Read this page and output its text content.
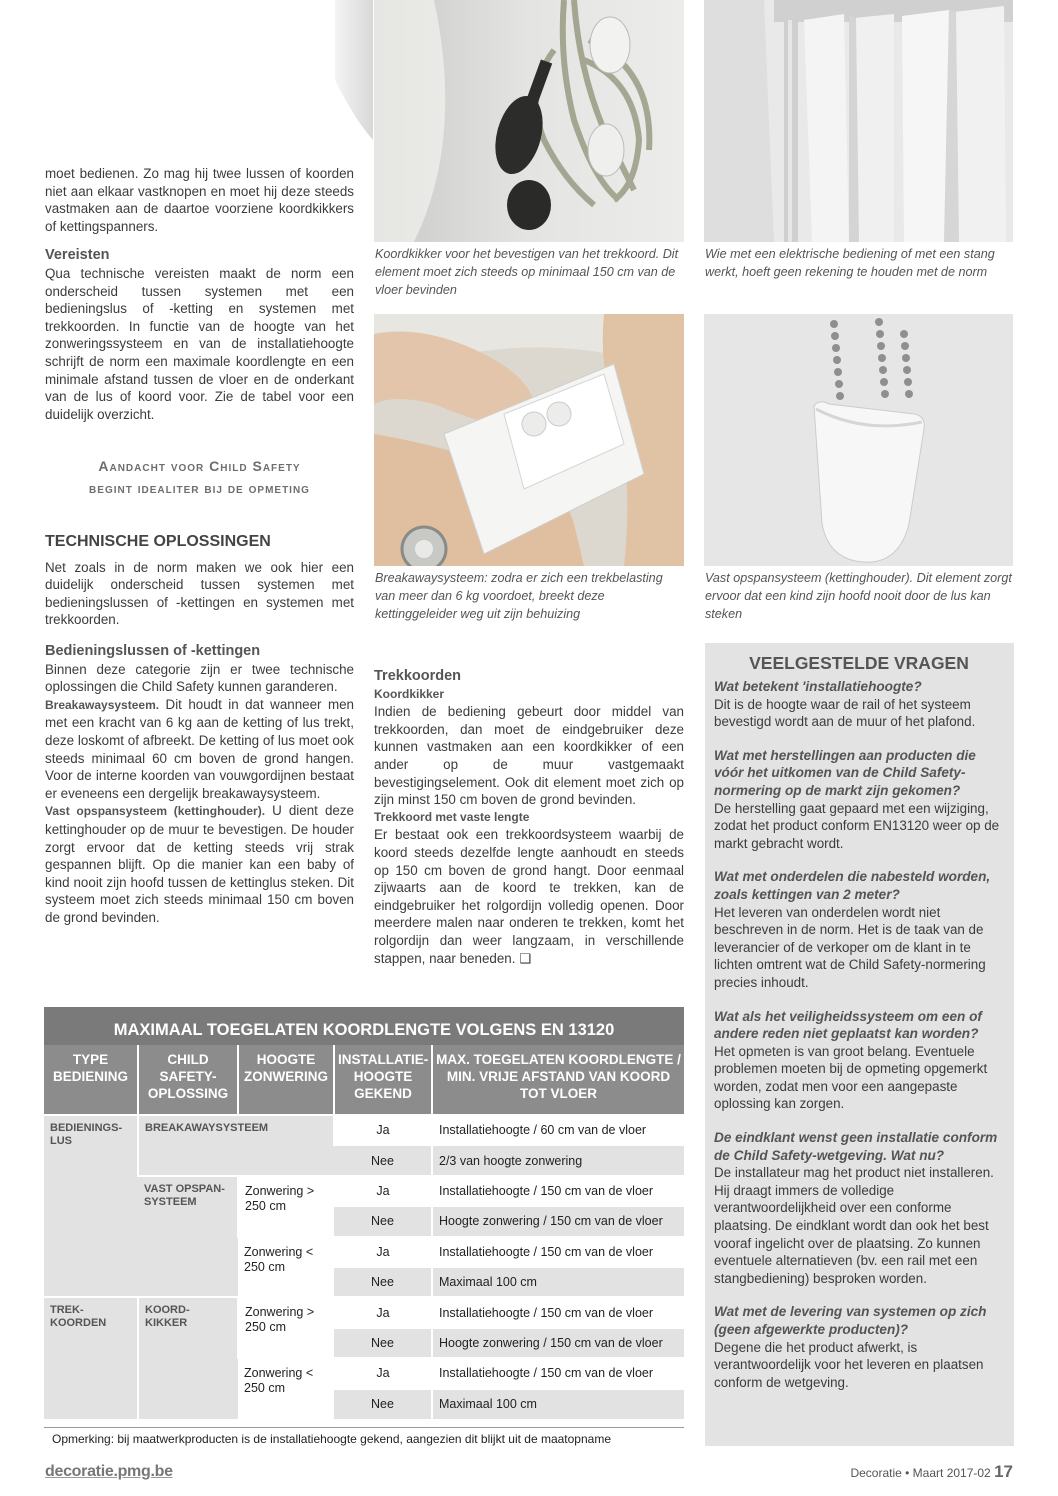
moet bedienen. Zo mag hij twee lussen of koorden niet aan elkaar vastknopen en moet hij deze steeds vastmaken aan de daartoe voorziene koordkikkers of kettingspanners.

Vereisten

Qua technische vereisten maakt de norm een onderscheid tussen systemen met een bedieningslus of -ketting en systemen met trekkoorden. In functie van de hoogte van het zonweringssysteem en van de installatiehoogte schrijft de norm een maximale koordlengte en een minimale afstand tussen de vloer en de onderkant van de lus of koord voor. Zie de tabel voor een duidelijk overzicht.

Aandacht voor Child Safety
begint idealiter bij de opmeting
TECHNISCHE OPLOSSINGEN

Net zoals in de norm maken we ook hier een duidelijk onderscheid tussen systemen met bedieningslussen of -kettingen en systemen met trekkoorden.

Bedieningslussen of -kettingen

Binnen deze categorie zijn er twee technische oplossingen die Child Safety kunnen garanderen.

Breakawaysysteem. Dit houdt in dat wanneer men met een kracht van 6 kg aan de ketting of lus trekt, deze loskomt of afbreekt. De ketting of lus moet ook steeds minimaal 60 cm boven de grond hangen. Voor de interne koorden van vouwgordijnen bestaat er eveneens een dergelijk breakawaysysteem.

Vast opspansysteem (kettinghouder). U dient deze kettinghouder op de muur te bevestigen. De houder zorgt ervoor dat de ketting steeds vrij strak gespannen blijft. Op die manier kan een baby of kind nooit zijn hoofd tussen de kettinglus steken. Dit systeem moet zich steeds minimaal 150 cm boven de grond bevinden.

Koordkikker voor het bevestigen van het trekkoord. Dit element moet zich steeds op minimaal 150 cm van de vloer bevinden
Wie met een elektrische bediening of met een stang werkt, hoeft geen rekening te houden met de norm
Breakawaysysteem: zodra er zich een trekbelasting van meer dan 6 kg voordoet, breekt deze kettinggeleider weg uit zijn behuizing
Vast opspansysteem (kettinghouder). Dit element zorgt ervoor dat een kind zijn hoofd nooit door de lus kan steken
Trekkoorden
Koordkikker

Indien de bediening gebeurt door middel van trekkoorden, dan moet de eindgebruiker deze kunnen vastmaken aan een koordkikker of een ander op de muur vastgemaakt bevestigingselement. Ook dit element moet zich op zijn minst 150 cm boven de grond bevinden.

Trekkoord met vaste lengte

Er bestaat ook een trekkoordsysteem waarbij de koord steeds dezelfde lengte aanhoudt en steeds op 150 cm boven de grond hangt. Door eenmaal zijwaarts aan de koord te trekken, kan de eindgebruiker het rolgordijn volledig openen. Door meerdere malen naar onderen te trekken, komt het rolgordijn dan weer langzaam, in verschillende stappen, naar beneden. ❑

VEELGESTELDE VRAGEN
Wat betekent 'installatiehoogte?
Dit is de hoogte waar de rail of het systeem bevestigd wordt aan de muur of het plafond.
Wat met herstellingen aan producten die vóór het uitkomen van de Child Safety-normering op de markt zijn gekomen?
De herstelling gaat gepaard met een wijziging, zodat het product conform EN13120 weer op de markt gebracht wordt.
Wat met onderdelen die nabesteld worden, zoals kettingen van 2 meter?
Het leveren van onderdelen wordt niet beschreven in de norm. Het is de taak van de leverancier of de verkoper om de klant in te lichten omtrent wat de Child Safety-normering precies inhoudt.
Wat als het veiligheidssysteem om een of andere reden niet geplaatst kan worden?
Het opmeten is van groot belang. Eventuele problemen moeten bij de opmeting opgemerkt worden, zodat men voor een aangepaste oplossing kan zorgen.
De eindklant wenst geen installatie conform de Child Safety-wetgeving. Wat nu?
De installateur mag het product niet installeren. Hij draagt immers de volledige verantwoordelijkheid over een conforme plaatsing. De eindklant wordt dan ook het best vooraf ingelicht over de plaatsing. Zo kunnen eventuele alternatieven (bv. een rail met een stangbediening) besproken worden.
Wat met de levering van systemen op zich (geen afgewerkte producten)?
Degene die het product afwerkt, is verantwoordelijk voor het leveren en plaatsen conform de wetgeving.
MAXIMAAL TOEGELATEN KOORDLENGTE VOLGENS EN 13120
TYPE BEDIENING	CHILD SAFETY-OPLOSSING	HOOGTE ZONWERING	INSTALLATIE-HOOGTE GEKEND	MAX. TOEGELATEN KOORDLENGTE / MIN. VRIJE AFSTAND VAN KOORD TOT VLOER
BEDIENINGS-LUS	BREAKAWAYSYSTEEM		Ja	Installatiehoogte / 60 cm van de vloer
			Nee	2/3 van hoogte zonwering
	VAST OPSPAN-SYSTEEM	Zonwering > 250 cm	Ja	Installatiehoogte / 150 cm van de vloer
			Nee	Hoogte zonwering / 150 cm van de vloer
		Zonwering < 250 cm	Ja	Installatiehoogte / 150 cm van de vloer
			Nee	Maximaal 100 cm
TREK-KOORDEN	KOORD-KIKKER	Zonwering > 250 cm	Ja	Installatiehoogte / 150 cm van de vloer
			Nee	Hoogte zonwering / 150 cm van de vloer
		Zonwering < 250 cm	Ja	Installatiehoogte / 150 cm van de vloer
			Nee	Maximaal 100 cm
Opmerking: bij maatwerkproducten is de installatiehoogte gekend, aangezien dit blijkt uit de maatopname
decoratie.pmg.be	Decoratie • Maart 2017-02 17
